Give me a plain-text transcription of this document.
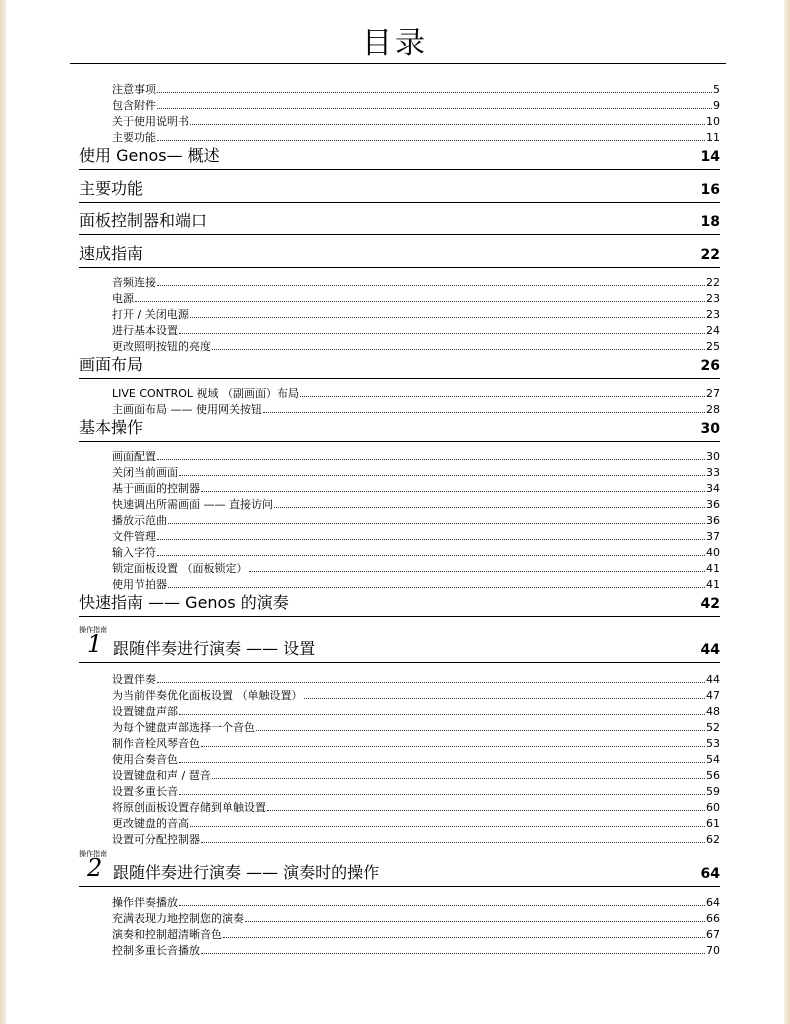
目录
注意事项	5
包含附件	9
关于使用说明书	10
主要功能	11
使用 Genos— 概述	14
主要功能	16
面板控制器和端口	18
速成指南	22
音频连接	22
电源	23
打开 / 关闭电源	23
进行基本设置	24
更改照明按钮的亮度	25
画面布局	26
LIVE CONTROL 视域 （副画面）布局	27
主画面布局 —— 使用网关按钮	28
基本操作	30
画面配置	30
关闭当前画面	33
基于画面的控制器	34
快速调出所需画面 —— 直接访问	36
播放示范曲	36
文件管理	37
输入字符	40
锁定面板设置 （面板锁定）	41
使用节拍器	41
快速指南 —— Genos 的演奏	42
操作指南
1 跟随伴奏进行演奏 —— 设置	44
设置伴奏	44
为当前伴奏优化面板设置 （单触设置）	47
设置键盘声部	48
为每个键盘声部选择一个音色	52
制作音栓风琴音色	53
使用合奏音色	54
设置键盘和声 / 琶音	56
设置多重长音	59
将原创面板设置存储到单触设置	60
更改键盘的音高	61
设置可分配控制器	62
操作指南
2 跟随伴奏进行演奏 —— 演奏时的操作	64
操作伴奏播放	64
充满表现力地控制您的演奏	66
演奏和控制超清晰音色	67
控制多重长音播放	70
